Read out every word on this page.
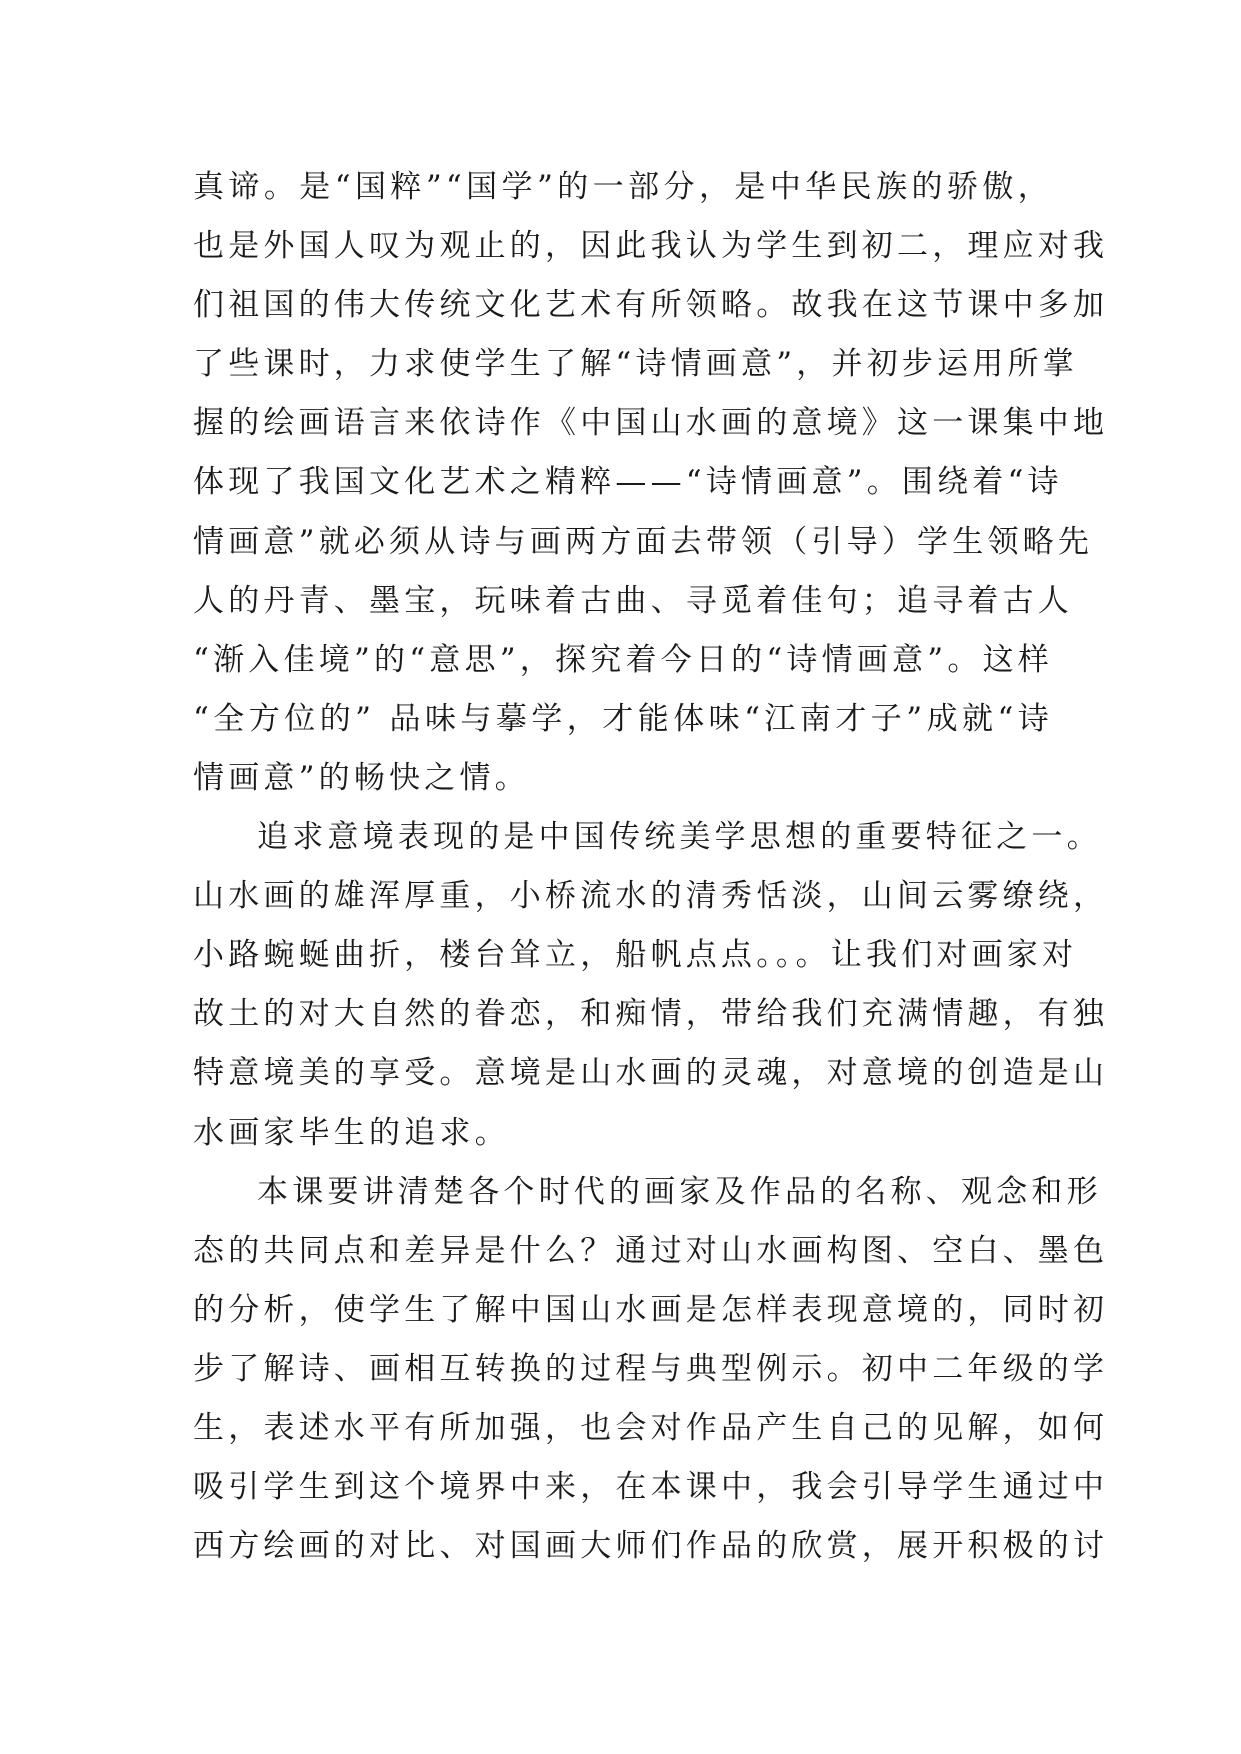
真谛。是“国粹”“国学”的一部分，是中华民族的骄傲，
也是外国人叹为观止的，因此我认为学生到初二，理应对我
们祖国的伟大传统文化艺术有所领略。故我在这节课中多加
了些课时，力求使学生了解“诗情画意”，并初步运用所掌
握的绘画语言来依诗作《中国山水画的意境》这一课集中地
体现了我国文化艺术之精粹——“诗情画意”。围绕着“诗
情画意”就必须从诗与画两方面去带领（引导）学生领略先
人的丹青、墨宝，玩味着古曲、寻觅着佳句；追寻着古人
“渐入佳境”的“意思”，探究着今日的“诗情画意”。这样
“全方位的” 品味与摹学，才能体味“江南才子”成就“诗
情画意”的畅快之情。
追求意境表现的是中国传统美学思想的重要特征之一。
山水画的雄浑厚重，小桥流水的清秀恬淡，山间云雾缭绕，
小路蜿蜒曲折，楼台耸立，船帆点点。。。让我们对画家对
故土的对大自然的眷恋，和痴情，带给我们充满情趣，有独
特意境美的享受。意境是山水画的灵魂，对意境的创造是山
水画家毕生的追求。
本课要讲清楚各个时代的画家及作品的名称、观念和形
态的共同点和差异是什么？通过对山水画构图、空白、墨色
的分析，使学生了解中国山水画是怎样表现意境的，同时初
步了解诗、画相互转换的过程与典型例示。初中二年级的学
生，表述水平有所加强，也会对作品产生自己的见解，如何
吸引学生到这个境界中来，在本课中，我会引导学生通过中
西方绘画的对比、对国画大师们作品的欣赏，展开积极的讨
